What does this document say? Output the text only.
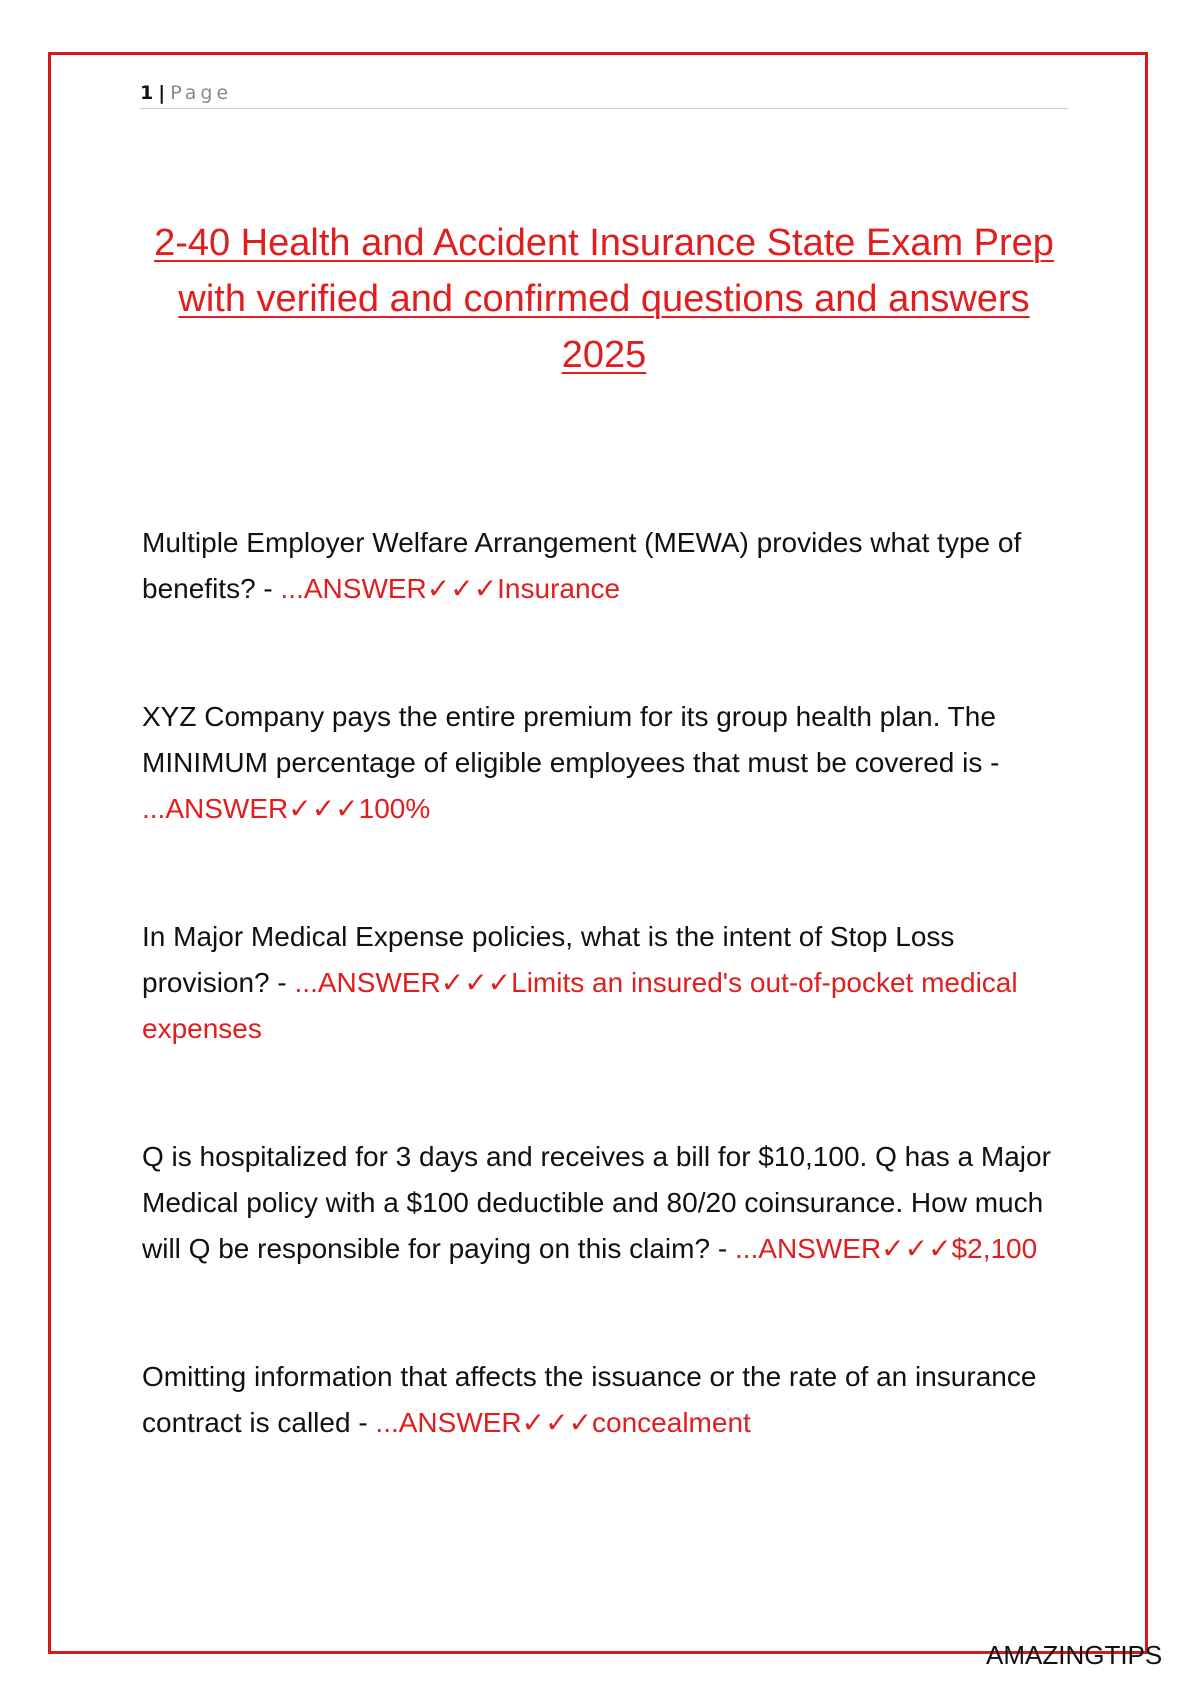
1 | Page
2-40 Health and Accident Insurance State Exam Prep with verified and confirmed questions and answers 2025

Multiple Employer Welfare Arrangement (MEWA) provides what type of benefits? - ...ANSWER✓✓✓Insurance

XYZ Company pays the entire premium for its group health plan. The MINIMUM percentage of eligible employees that must be covered is - ...ANSWER✓✓✓100%

In Major Medical Expense policies, what is the intent of Stop Loss provision? - ...ANSWER✓✓✓Limits an insured's out-of-pocket medical expenses

Q is hospitalized for 3 days and receives a bill for $10,100. Q has a Major Medical policy with a $100 deductible and 80/20 coinsurance. How much will Q be responsible for paying on this claim? - ...ANSWER✓✓✓$2,100

Omitting information that affects the issuance or the rate of an insurance contract is called - ...ANSWER✓✓✓concealment

AMAZINGTIPS
